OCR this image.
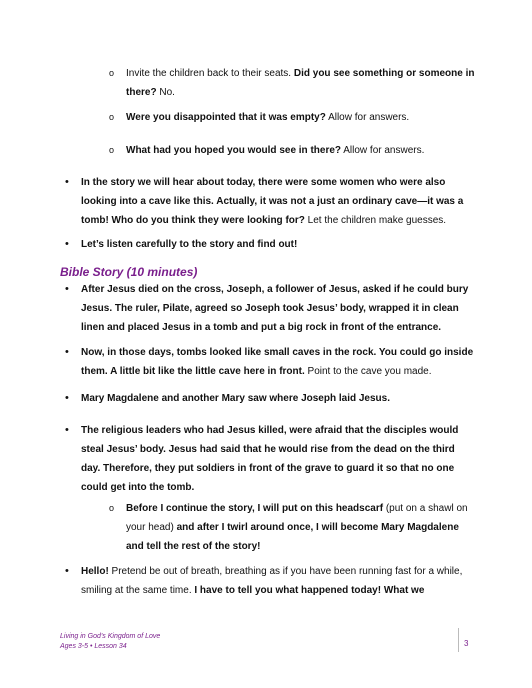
o Invite the children back to their seats. Did you see something or someone in there? No.
o Were you disappointed that it was empty? Allow for answers.
o What had you hoped you would see in there? Allow for answers.
• In the story we will hear about today, there were some women who were also looking into a cave like this. Actually, it was not a just an ordinary cave—it was a tomb! Who do you think they were looking for? Let the children make guesses.
• Let’s listen carefully to the story and find out!
Bible Story (10 minutes)
• After Jesus died on the cross, Joseph, a follower of Jesus, asked if he could bury Jesus. The ruler, Pilate, agreed so Joseph took Jesus’ body, wrapped it in clean linen and placed Jesus in a tomb and put a big rock in front of the entrance.
• Now, in those days, tombs looked like small caves in the rock. You could go inside them. A little bit like the little cave here in front. Point to the cave you made.
• Mary Magdalene and another Mary saw where Joseph laid Jesus.
• The religious leaders who had Jesus killed, were afraid that the disciples would steal Jesus’ body. Jesus had said that he would rise from the dead on the third day. Therefore, they put soldiers in front of the grave to guard it so that no one could get into the tomb.
o Before I continue the story, I will put on this headscarf (put on a shawl on your head) and after I twirl around once, I will become Mary Magdalene and tell the rest of the story!
• Hello! Pretend be out of breath, breathing as if you have been running fast for a while, smiling at the same time. I have to tell you what happened today! What we
Living in God’s Kingdom of Love
Ages 3-5 • Lesson 34	3
